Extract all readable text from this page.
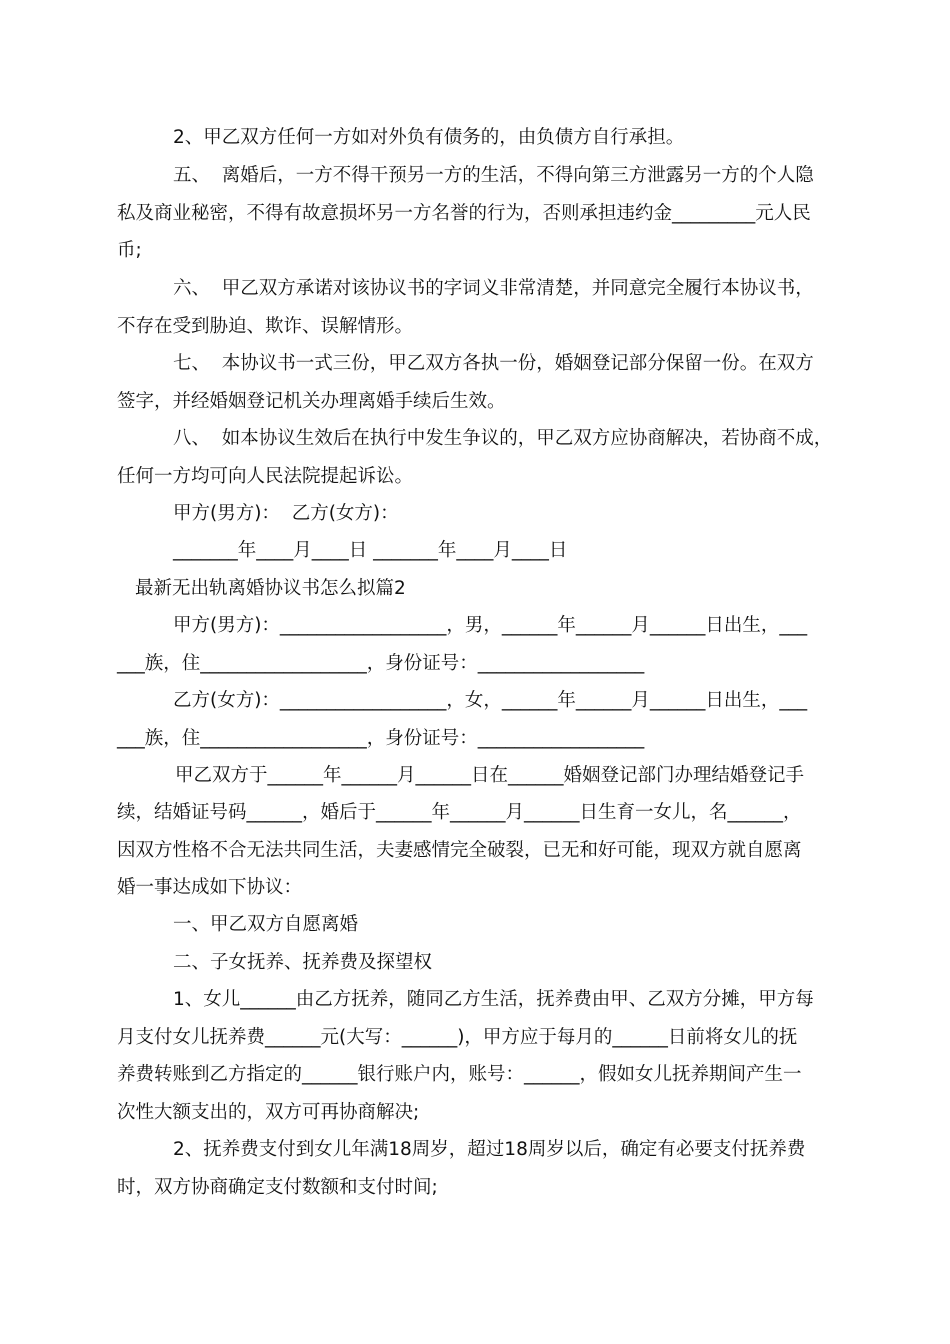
2、甲乙双方任何一方如对外负有债务的，由负债方自行承担。
五、  离婚后，一方不得干预另一方的生活，不得向第三方泄露另一方的个人隐
私及商业秘密，不得有故意损坏另一方名誉的行为，否则承担违约金_________元人民
币;
六、  甲乙双方承诺对该协议书的字词义非常清楚，并同意完全履行本协议书，
不存在受到胁迫、欺诈、误解情形。
七、  本协议书一式三份，甲乙双方各执一份，婚姻登记部分保留一份。在双方
签字，并经婚姻登记机关办理离婚手续后生效。
八、  如本协议生效后在执行中发生争议的，甲乙双方应协商解决，若协商不成，
任何一方均可向人民法院提起诉讼。
甲方(男方)：  乙方(女方)：
_______年____月____日 _______年____月____日
最新无出轨离婚协议书怎么拟篇2
甲方(男方)：__________________，男，______年______月______日出生，___
___族，住__________________，身份证号：__________________
乙方(女方)：__________________，女，______年______月______日出生，___
___族，住__________________，身份证号：__________________
甲乙双方于______年______月______日在______婚姻登记部门办理结婚登记手
续，结婚证号码______，婚后于______年______月______日生育一女儿，名______，
因双方性格不合无法共同生活，夫妻感情完全破裂，已无和好可能，现双方就自愿离
婚一事达成如下协议：
一、甲乙双方自愿离婚
二、子女抚养、抚养费及探望权
1、女儿______由乙方抚养，随同乙方生活，抚养费由甲、乙双方分摊，甲方每
月支付女儿抚养费______元(大写：______)，甲方应于每月的______日前将女儿的抚
养费转账到乙方指定的______银行账户内，账号：______，假如女儿抚养期间产生一
次性大额支出的，双方可再协商解决;
2、抚养费支付到女儿年满18周岁，超过18周岁以后，确定有必要支付抚养费
时，双方协商确定支付数额和支付时间;
